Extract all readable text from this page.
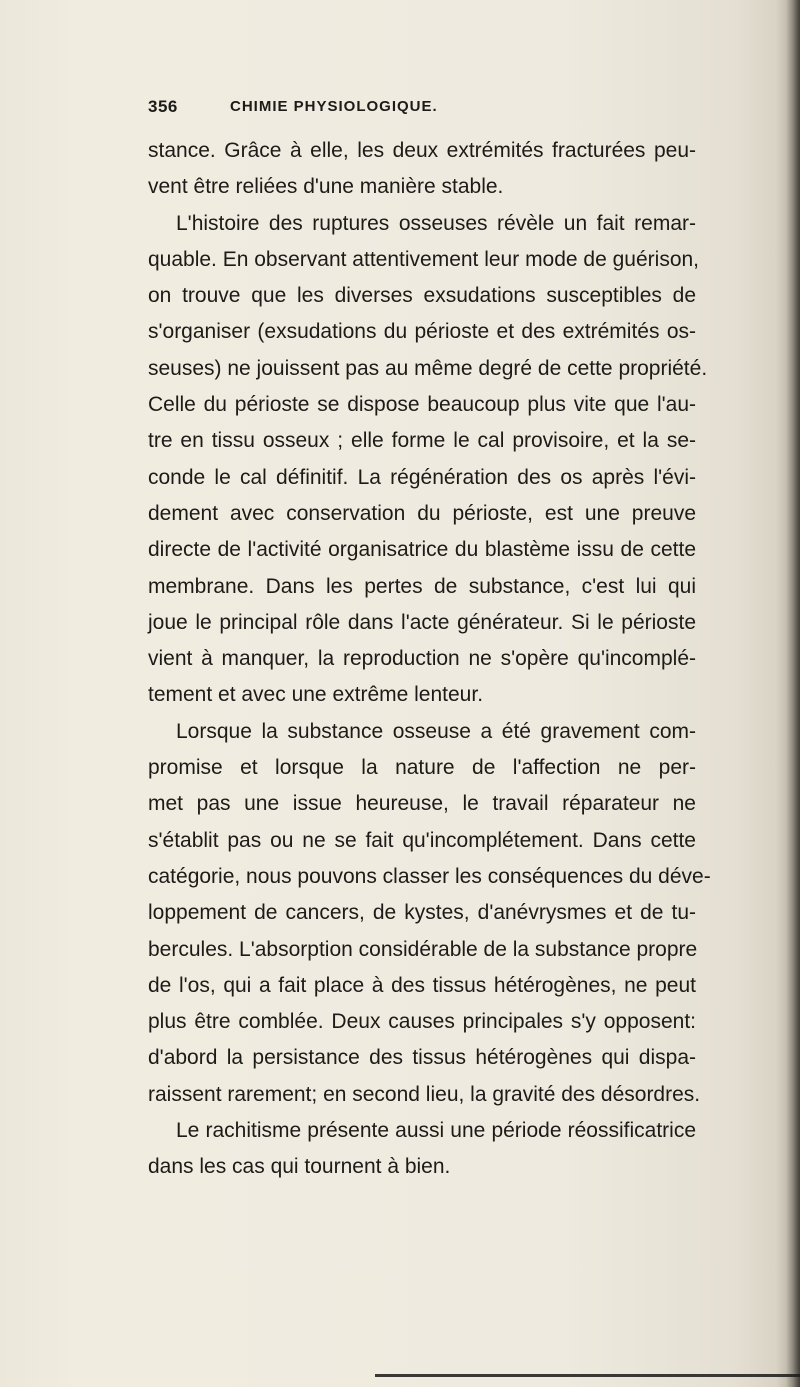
356	CHIMIE PHYSIOLOGIQUE.
stance. Grâce à elle, les deux extrémités fracturées peu-
vent être reliées d'une manière stable.
L'histoire des ruptures osseuses révèle un fait remar-
quable. En observant attentivement leur mode de guérison,
on trouve que les diverses exsudations susceptibles de
s'organiser (exsudations du périoste et des extrémités os-
seuses) ne jouissent pas au même degré de cette propriété.
Celle du périoste se dispose beaucoup plus vite que l'au-
tre en tissu osseux ; elle forme le cal provisoire, et la se-
conde le cal définitif. La régénération des os après l'évi-
dement avec conservation du périoste, est une preuve
directe de l'activité organisatrice du blastème issu de cette
membrane. Dans les pertes de substance, c'est lui qui
joue le principal rôle dans l'acte générateur. Si le périoste
vient à manquer, la reproduction ne s'opère qu'incomplé-
tement et avec une extrême lenteur.
Lorsque la substance osseuse a été gravement com-
promise et lorsque la nature de l'affection ne per-
met pas une issue heureuse, le travail réparateur ne
s'établit pas ou ne se fait qu'incomplétement. Dans cette
catégorie, nous pouvons classer les conséquences du déve-
loppement de cancers, de kystes, d'anévrysmes et de tu-
bercules. L'absorption considérable de la substance propre
de l'os, qui a fait place à des tissus hétérogènes, ne peut
plus être comblée. Deux causes principales s'y opposent:
d'abord la persistance des tissus hétérogènes qui dispa-
raissent rarement; en second lieu, la gravité des désordres.
Le rachitisme présente aussi une période réossificatrice
dans les cas qui tournent à bien.
